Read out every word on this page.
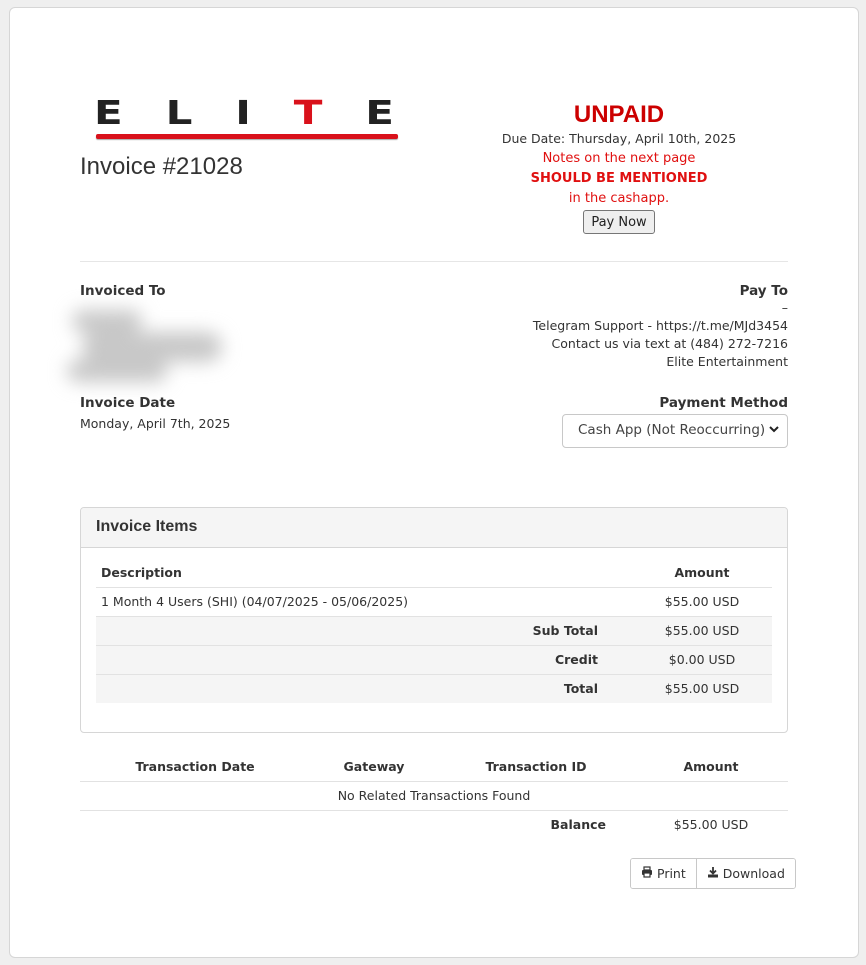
E L I T E
Invoice #21028
UNPAID
Due Date: Thursday, April 10th, 2025
Notes on the next page
SHOULD BE MENTIONED
in the cashapp.
Pay Now
Invoiced To	Pay To
–
Telegram Support - https://t.me/MJd3454
Contact us via text at (484) 272-7216
Elite Entertainment
Invoice Date
Monday, April 7th, 2025
Payment Method
Cash App (Not Reoccurring)
Invoice Items
Description	Amount
1 Month 4 Users (SHI) (04/07/2025 - 05/06/2025)	$55.00 USD
Sub Total	$55.00 USD
Credit	$0.00 USD
Total	$55.00 USD
Transaction Date	Gateway	Transaction ID	Amount
No Related Transactions Found			
Balance			$55.00 USD
Print	Download
